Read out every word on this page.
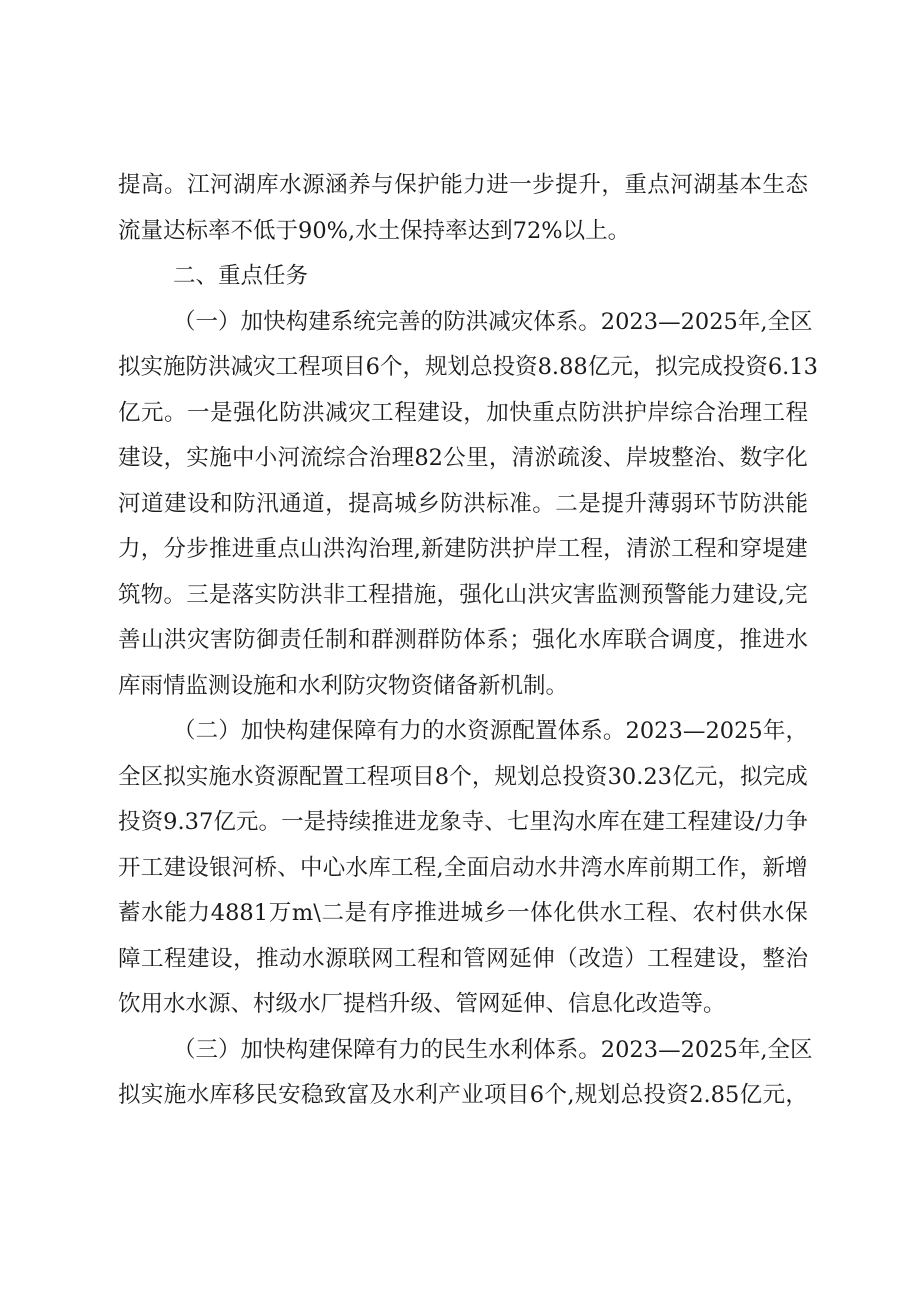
提 高 。 江 河 湖 库 水 源 涵 养 与 保 护 能 力 进 一 步 提 升 ， 重 点 河 湖 基 本 生 态
流量达标率不低于90%,水土保持率达到72%以上。
二、重点任务
（ 一 ） 加 快 构 建 系 统 完 善 的 防 洪 减 灾 体 系 。 2023 — 2025 年 , 全 区
拟 实 施 防 洪 减 灾 工 程 项 目 6 个 ， 规 划 总 投 资 8.88 亿 元 ， 拟 完 成 投 资 6.13
亿 元 。 一 是 强 化 防 洪 减 灾 工 程 建 设 ， 加 快 重 点 防 洪 护 岸 综 合 治 理 工 程
建 设 ， 实 施 中 小 河 流 综 合 治 理 82 公 里 ， 清 淤 疏 浚 、 岸 坡 整 治 、 数 字 化
河 道 建 设 和 防 汛 通 道 ， 提 高 城 乡 防 洪 标 准 。 二 是 提 升 薄 弱 环 节 防 洪 能
力 ， 分 步 推 进 重 点 山 洪 沟 治 理 , 新 建 防 洪 护 岸 工 程 ， 清 淤 工 程 和 穿 堤 建
筑 物 。 三 是 落 实 防 洪 非 工 程 措 施 ， 强 化 山 洪 灾 害 监 测 预 警 能 力 建 设 , 完
善 山 洪 灾 害 防 御 责 任 制 和 群 测 群 防 体 系 ； 强 化 水 库 联 合 调 度 ， 推 进 水
库雨情监测设施和水利防灾物资储备新机制。
（ 二 ） 加 快 构 建 保 障 有 力 的 水 资 源 配 置 体 系 。 2023 — 2025 年 ，
全 区 拟 实 施 水 资 源 配 置 工 程 项 目 8 个 ， 规 划 总 投 资 30.23 亿 元 ， 拟 完 成
投 资 9.37 亿 元 。 一 是 持 续 推 进 龙 象 寺 、 七 里 沟 水 库 在 建 工 程 建 设 / 力 争
开 工 建 设 银 河 桥 、 中 心 水 库 工 程 , 全 面 启 动 水 井 湾 水 库 前 期 工 作 ， 新 增
蓄 水 能 力 4881 万 m\ 二 是 有 序 推 进 城 乡 一 体 化 供 水 工 程 、 农 村 供 水 保
障 工 程 建 设 ， 推 动 水 源 联 网 工 程 和 管 网 延 伸 （ 改 造 ） 工 程 建 设 ， 整 治
饮用水水源、村级水厂提档升级、管网延伸、信息化改造等。
（ 三 ） 加 快 构 建 保 障 有 力 的 民 生 水 利 体 系 。 2023 — 2025 年 , 全 区
拟 实 施 水 库 移 民 安 稳 致 富 及 水 利 产 业 项 目 6 个 , 规 划 总 投 资 2.85 亿 元 ，
